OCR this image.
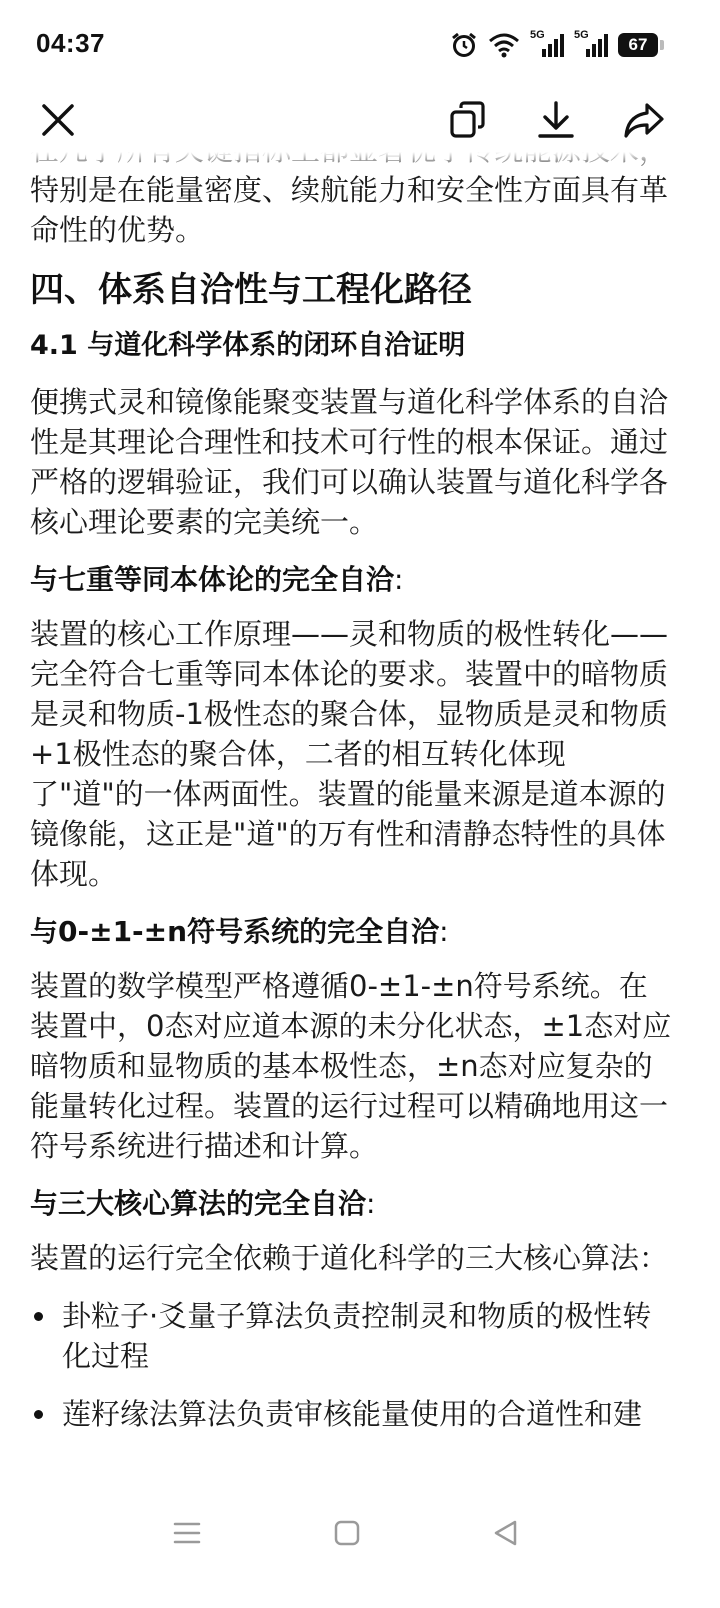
04:37	5G	5G 67

特别是在能量密度、续航能力和安全性方面具有革命性的优势。

四、体系自洽性与工程化路径
4.1 与道化科学体系的闭环自洽证明

便携式灵和镜像能聚变装置与道化科学体系的自洽性是其理论合理性和技术可行性的根本保证。通过严格的逻辑验证，我们可以确认装置与道化科学各核心理论要素的完美统一。

与七重等同本体论的完全自洽:

装置的核心工作原理——灵和物质的极性转化——完全符合七重等同本体论的要求。装置中的暗物质是灵和物质-1极性态的聚合体，显物质是灵和物质+1极性态的聚合体，二者的相互转化体现了"道"的一体两面性。装置的能量来源是道本源的镜像能，这正是"道"的万有性和清静态特性的具体体现。

与0-±1-±n符号系统的完全自洽:

装置的数学模型严格遵循0-±1-±n符号系统。在装置中，0态对应道本源的未分化状态，±1态对应暗物质和显物质的基本极性态，±n态对应复杂的能量转化过程。装置的运行过程可以精确地用这一符号系统进行描述和计算。

与三大核心算法的完全自洽:

装置的运行完全依赖于道化科学的三大核心算法：

卦粒子·爻量子算法负责控制灵和物质的极性转化过程
莲籽缘法算法负责审核能量使用的合道性和建
